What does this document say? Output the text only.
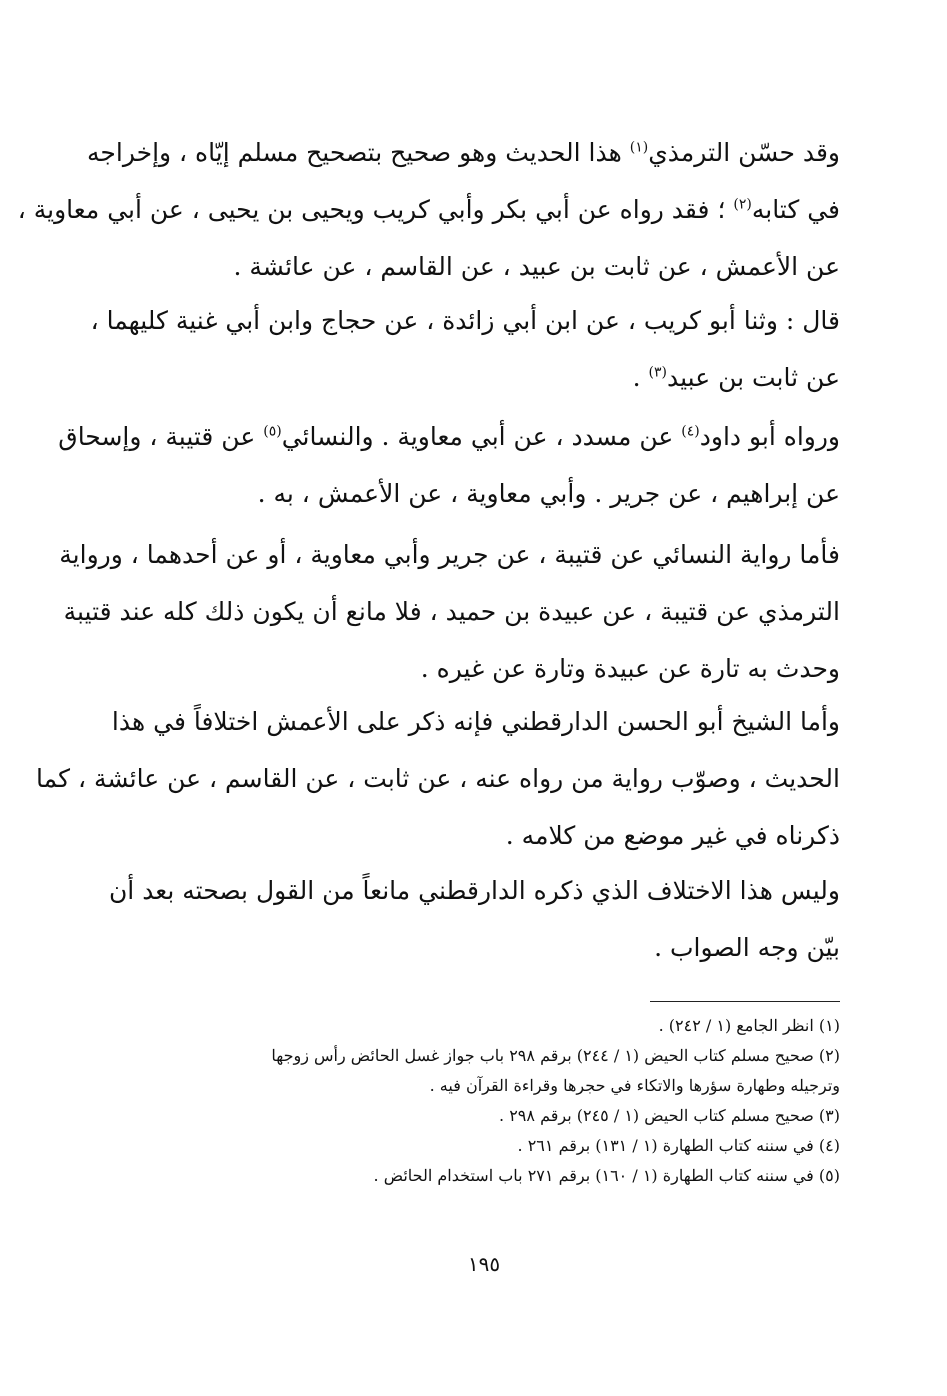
وقد حسّن الترمذي$^{(١)}$ هذا الحديث وهو صحيح بتصحيح مسلم إيّاه ، وإخراجه
في كتابه$^{(٢)}$ ؛ فقد رواه عن أبي بكر وأبي كريب ويحيى بن يحيى ، عن أبي معاوية ،
عن الأعمش ، عن ثابت بن عبيد ، عن القاسم ، عن عائشة .
قال : وثنا أبو كريب ، عن ابن أبي زائدة ، عن حجاج وابن أبي غنية كليهما ،
عن ثابت بن عبيد$^{(٣)}$ .
ورواه أبو داود$^{(٤)}$ عن مسدد ، عن أبي معاوية . والنسائي$^{(٥)}$ عن قتيبة ، وإسحاق
عن إبراهيم ، عن جرير . وأبي معاوية ، عن الأعمش ، به .
فأما رواية النسائي عن قتيبة ، عن جرير وأبي معاوية ، أو عن أحدهما ، ورواية
الترمذي عن قتيبة ، عن عبيدة بن حميد ، فلا مانع أن يكون ذلك كله عند قتيبة
وحدث به تارة عن عبيدة وتارة عن غيره .
وأما الشيخ أبو الحسن الدارقطني فإنه ذكر على الأعمش اختلافاً في هذا
الحديث ، وصوّب رواية من رواه عنه ، عن ثابت ، عن القاسم ، عن عائشة ، كما
ذكرناه في غير موضع من كلامه .
وليس هذا الاختلاف الذي ذكره الدارقطني مانعاً من القول بصحته بعد أن
بيّن وجه الصواب .
(١) انظر الجامع (١ / ٢٤٢) .
(٢) صحيح مسلم كتاب الحيض (١ / ٢٤٤) برقم ٢٩٨ باب جواز غسل الحائض رأس زوجها
وترجيله وطهارة سؤرها والاتكاء في حجرها وقراءة القرآن فيه .
(٣) صحيح مسلم كتاب الحيض (١ / ٢٤٥) برقم ٢٩٨ .
(٤) في سننه كتاب الطهارة (١ / ١٣١) برقم ٢٦١ .
(٥) في سننه كتاب الطهارة (١ / ١٦٠) برقم ٢٧١ باب استخدام الحائض .
١٩٥
